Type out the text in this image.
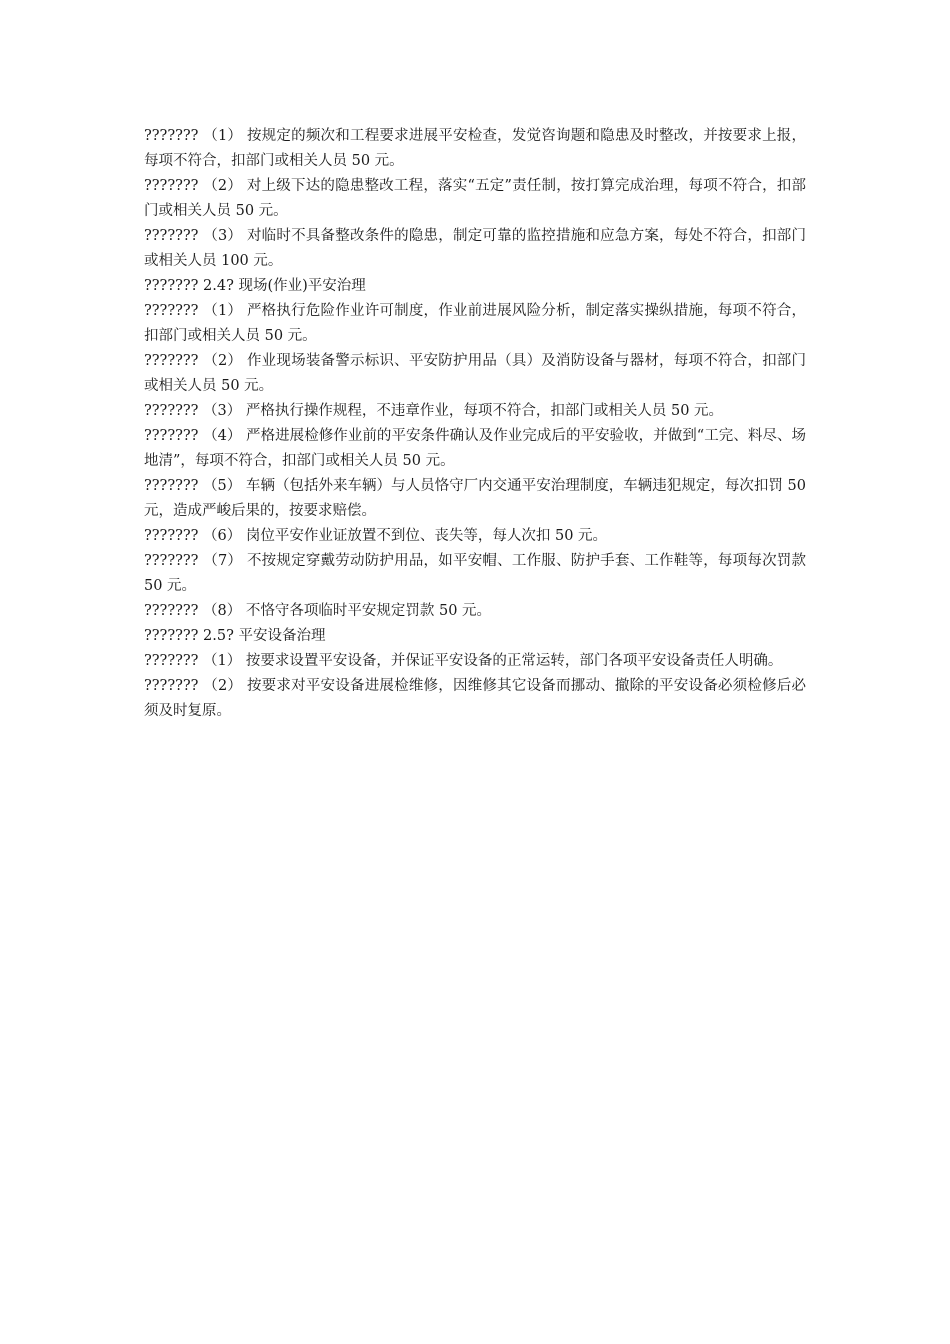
??????? （1） 按规定的频次和工程要求进展平安检查，发觉咨询题和隐患及时整改，并按要求上报，每项不符合，扣部门或相关人员 50 元。

??????? （2） 对上级下达的隐患整改工程，落实“五定”责任制，按打算完成治理，每项不符合，扣部门或相关人员 50 元。

??????? （3） 对临时不具备整改条件的隐患，制定可靠的监控措施和应急方案，每处不符合，扣部门或相关人员 100 元。

??????? 2.4? 现场(作业)平安治理

??????? （1） 严格执行危险作业许可制度，作业前进展风险分析，制定落实操纵措施，每项不符合，扣部门或相关人员 50 元。

??????? （2） 作业现场装备警示标识、平安防护用品（具）及消防设备与器材，每项不符合，扣部门或相关人员 50 元。

??????? （3） 严格执行操作规程，不违章作业，每项不符合，扣部门或相关人员 50 元。

??????? （4） 严格进展检修作业前的平安条件确认及作业完成后的平安验收，并做到“工完、料尽、场地清”，每项不符合，扣部门或相关人员 50 元。

??????? （5） 车辆（包括外来车辆）与人员恪守厂内交通平安治理制度，车辆违犯规定，每次扣罚 50 元，造成严峻后果的，按要求赔偿。

??????? （6） 岗位平安作业证放置不到位、丧失等，每人次扣 50 元。

??????? （7） 不按规定穿戴劳动防护用品，如平安帽、工作服、防护手套、工作鞋等，每项每次罚款 50 元。

??????? （8） 不恪守各项临时平安规定罚款 50 元。

??????? 2.5? 平安设备治理

??????? （1） 按要求设置平安设备，并保证平安设备的正常运转，部门各项平安设备责任人明确。

??????? （2） 按要求对平安设备进展检维修，因维修其它设备而挪动、撤除的平安设备必须检修后必须及时复原。
